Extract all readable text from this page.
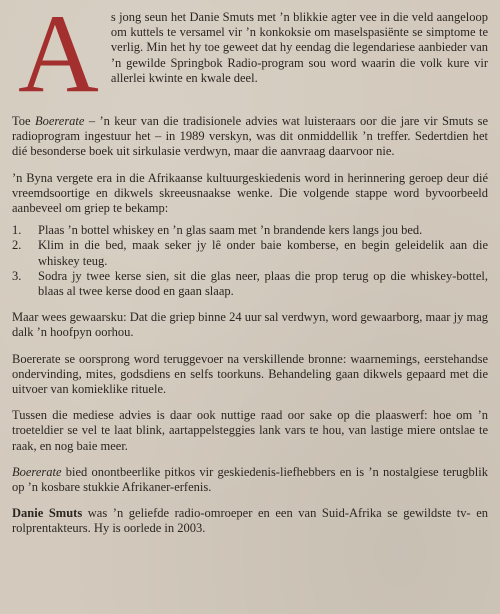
A s jong seun het Danie Smuts met ’n blikkie agter vee in die veld aangeloop om kuttels te versamel vir ’n konkoksie om maselspasiënte se simptome te verlig. Min het hy toe geweet dat hy eendag die legendariese aanbieder van ’n gewilde Springbok Radio-program sou word waarin die volk kure vir allerlei kwinte en kwale deel.

Toe Boererate – ’n keur van die tradisionele advies wat luisteraars oor die jare vir Smuts se radioprogram ingestuur het – in 1989 verskyn, was dit onmiddellik ’n treffer. Sedertdien het dié besonderse boek uit sirkulasie verdwyn, maar die aanvraag daarvoor nie.

’n Byna vergete era in die Afrikaanse kultuurgeskiedenis word in herinnering geroep deur dié vreemdsoortige en dikwels skreeusnaakse wenke. Die volgende stappe word byvoorbeeld aanbeveel om griep te bekamp:

1. Plaas ’n bottel whiskey en ’n glas saam met ’n brandende kers langs jou bed.
2. Klim in die bed, maak seker jy lê onder baie komberse, en begin geleidelik aan die whiskey teug.
3. Sodra jy twee kerse sien, sit die glas neer, plaas die prop terug op die whiskey-bottel, blaas al twee kerse dood en gaan slaap.

Maar wees gewaarsku: Dat die griep binne 24 uur sal verdwyn, word gewaarborg, maar jy mag dalk ’n hoofpyn oorhou.

Boererate se oorsprong word teruggevoer na verskillende bronne: waarnemings, eerstehandse ondervinding, mites, godsdiens en selfs toorkuns. Behandeling gaan dikwels gepaard met die uitvoer van komieklike rituele.

Tussen die mediese advies is daar ook nuttige raad oor sake op die plaaswerf: hoe om ’n troeteldier se vel te laat blink, aartappelsteggies lank vars te hou, van lastige miere ontslae te raak, en nog baie meer.

Boererate bied onontbeerlike pitkos vir geskiedenis-liefhebbers en is ’n nostalgiese terugblik op ’n kosbare stukkie Afrikaner-erfenis.

Danie Smuts was ’n geliefde radio-omroeper en een van Suid-Afrika se gewildste tv- en rolprentakteurs. Hy is oorlede in 2003.
